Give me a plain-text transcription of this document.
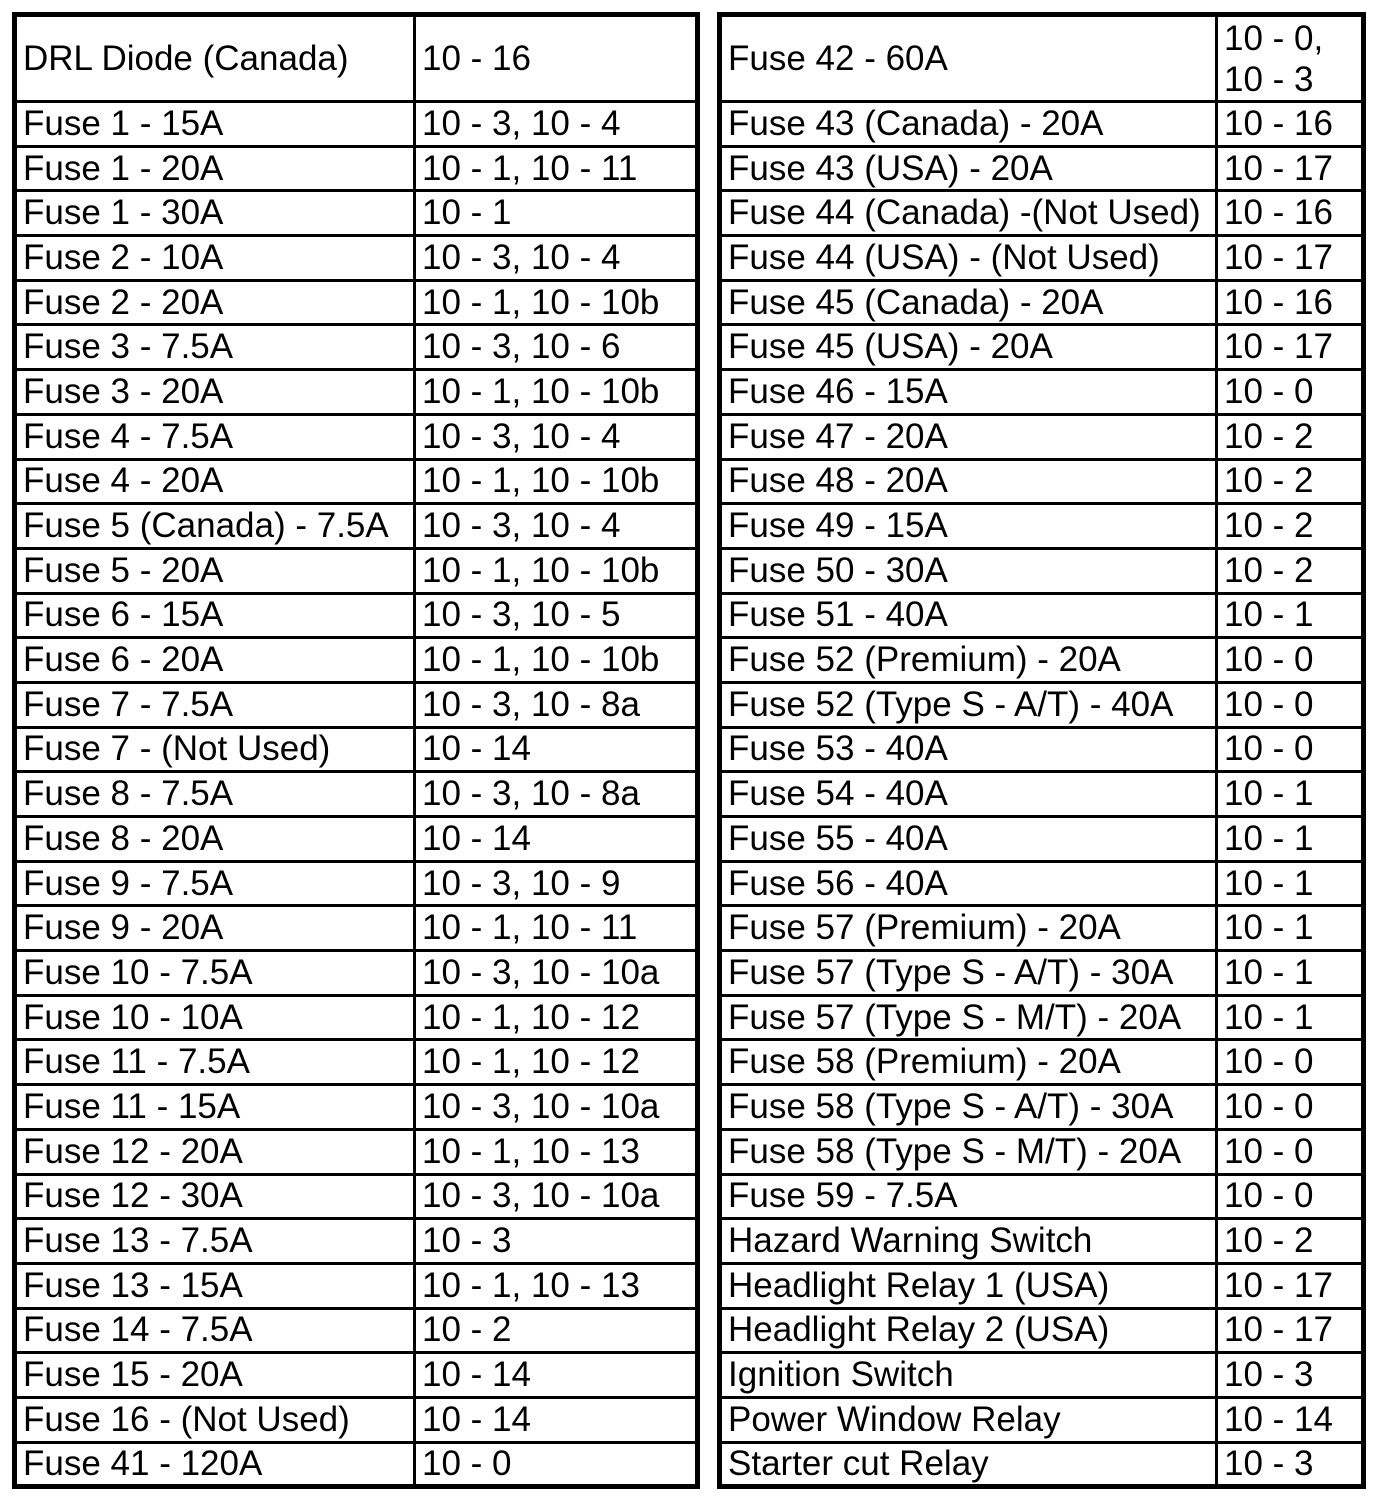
DRL Diode (Canada)	10 - 16
Fuse 1 - 15A	10 - 3, 10 - 4
Fuse 1 - 20A	10 - 1, 10 - 11
Fuse 1 - 30A	10 - 1
Fuse 2 - 10A	10 - 3, 10 - 4
Fuse 2 - 20A	10 - 1, 10 - 10b
Fuse 3 - 7.5A	10 - 3, 10 - 6
Fuse 3 - 20A	10 - 1, 10 - 10b
Fuse 4 - 7.5A	10 - 3, 10 - 4
Fuse 4 - 20A	10 - 1, 10 - 10b
Fuse 5 (Canada) - 7.5A	10 - 3, 10 - 4
Fuse 5 - 20A	10 - 1, 10 - 10b
Fuse 6 - 15A	10 - 3, 10 - 5
Fuse 6 - 20A	10 - 1, 10 - 10b
Fuse 7 - 7.5A	10 - 3, 10 - 8a
Fuse 7 - (Not Used)	10 - 14
Fuse 8 - 7.5A	10 - 3, 10 - 8a
Fuse 8 - 20A	10 - 14
Fuse 9 - 7.5A	10 - 3, 10 - 9
Fuse 9 - 20A	10 - 1, 10 - 11
Fuse 10 - 7.5A	10 - 3, 10 - 10a
Fuse 10 - 10A	10 - 1, 10 - 12
Fuse 11 - 7.5A	10 - 1, 10 - 12
Fuse 11 - 15A	10 - 3, 10 - 10a
Fuse 12 - 20A	10 - 1, 10 - 13
Fuse 12 - 30A	10 - 3, 10 - 10a
Fuse 13 - 7.5A	10 - 3
Fuse 13 - 15A	10 - 1, 10 - 13
Fuse 14 - 7.5A	10 - 2
Fuse 15 - 20A	10 - 14
Fuse 16 - (Not Used)	10 - 14
Fuse 41 - 120A	10 - 0
Fuse 42 - 60A	10 - 0, 10 - 3
Fuse 43 (Canada) - 20A	10 - 16
Fuse 43 (USA) - 20A	10 - 17
Fuse 44 (Canada) -(Not Used)	10 - 16
Fuse 44 (USA) - (Not Used)	10 - 17
Fuse 45 (Canada) - 20A	10 - 16
Fuse 45 (USA) - 20A	10 - 17
Fuse 46 - 15A	10 - 0
Fuse 47 - 20A	10 - 2
Fuse 48 - 20A	10 - 2
Fuse 49 - 15A	10 - 2
Fuse 50 - 30A	10 - 2
Fuse 51 - 40A	10 - 1
Fuse 52 (Premium) - 20A	10 - 0
Fuse 52 (Type S - A/T) - 40A	10 - 0
Fuse 53 - 40A	10 - 0
Fuse 54 - 40A	10 - 1
Fuse 55 - 40A	10 - 1
Fuse 56 - 40A	10 - 1
Fuse 57 (Premium) - 20A	10 - 1
Fuse 57 (Type S - A/T) - 30A	10 - 1
Fuse 57 (Type S - M/T) - 20A	10 - 1
Fuse 58 (Premium) - 20A	10 - 0
Fuse 58 (Type S - A/T) - 30A	10 - 0
Fuse 58 (Type S - M/T) - 20A	10 - 0
Fuse 59 - 7.5A	10 - 0
Hazard Warning Switch	10 - 2
Headlight Relay 1 (USA)	10 - 17
Headlight Relay 2 (USA)	10 - 17
Ignition Switch	10 - 3
Power Window Relay	10 - 14
Starter cut Relay	10 - 3
